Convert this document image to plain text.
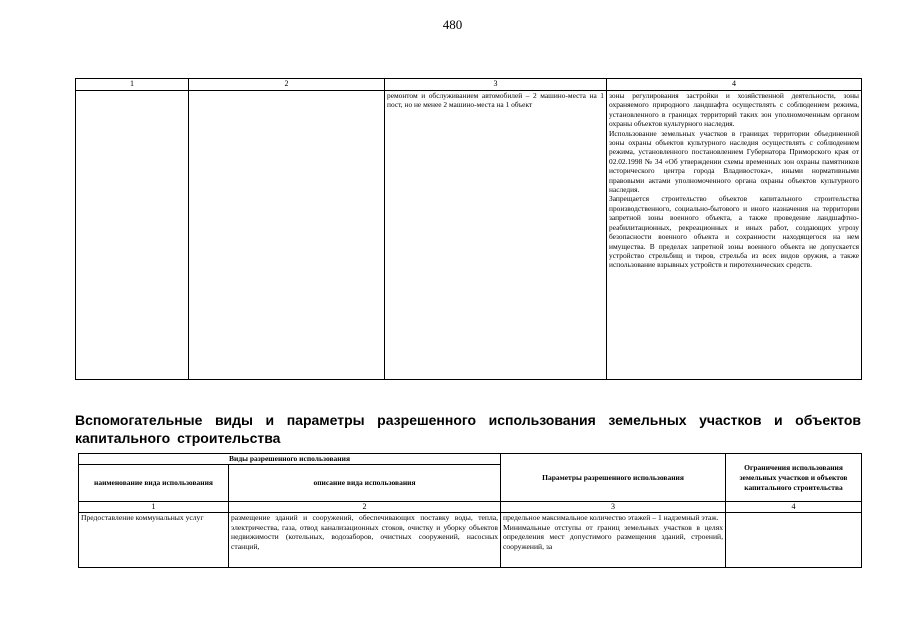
480
1	2	3	4

		ремонтом и обслуживанием автомобилей – 2 машино-места на 1 пост, но не менее 2 машино-места на 1 объект	зоны регулирования застройки и хозяйственной деятельности, зоны охраняемого природного ландшафта осуществлять с соблюдением режима, установленного в границах территорий таких зон уполномоченным органом охраны объектов культурного наследия.

Использование земельных участков в границах территории объединенной зоны охраны объектов культурного наследия осуществлять с соблюдением режима, установленного постановлением Губернатора Приморского края от 02.02.1998 № 34 «Об утверждении схемы временных зон охраны памятников исторического центра города Владивостока», иными нормативными правовыми актами уполномоченного органа охраны объектов культурного наследия.

Запрещается строительство объектов капитального строительства производственного, социально-бытового и иного назначения на территории запретной зоны военного объекта, а также проведение ландшафтно-реабилитационных, рекреационных и иных работ, создающих угрозу безопасности военного объекта и сохранности находящегося на нем имущества. В пределах запретной зоны военного объекта не допускается устройство стрельбищ и тиров, стрельба из всех видов оружия, а также использование взрывных устройств и пиротехнических средств.

Вспомогательные виды и параметры разрешенного использования земельных участков и объектов капитального строительства
Виды разрешенного использования		Параметры разрешенного использования	Ограничения использования земельных участков и объектов капитального строительства
наименование вида использования	описание вида использования		
1	2	3	4
Предоставление коммунальных услуг	размещение зданий и сооружений, обеспечивающих поставку воды, тепла, электричества, газа, отвод канализационных стоков, очистку и уборку объектов недвижимости (котельных, водозаборов, очистных сооружений, насосных станций,	предельное максимальное количество этажей – 1 надземный этаж.
Минимальные отступы от границ земельных участков в целях определения мест допустимого размещения зданий, строений, сооружений, за	
